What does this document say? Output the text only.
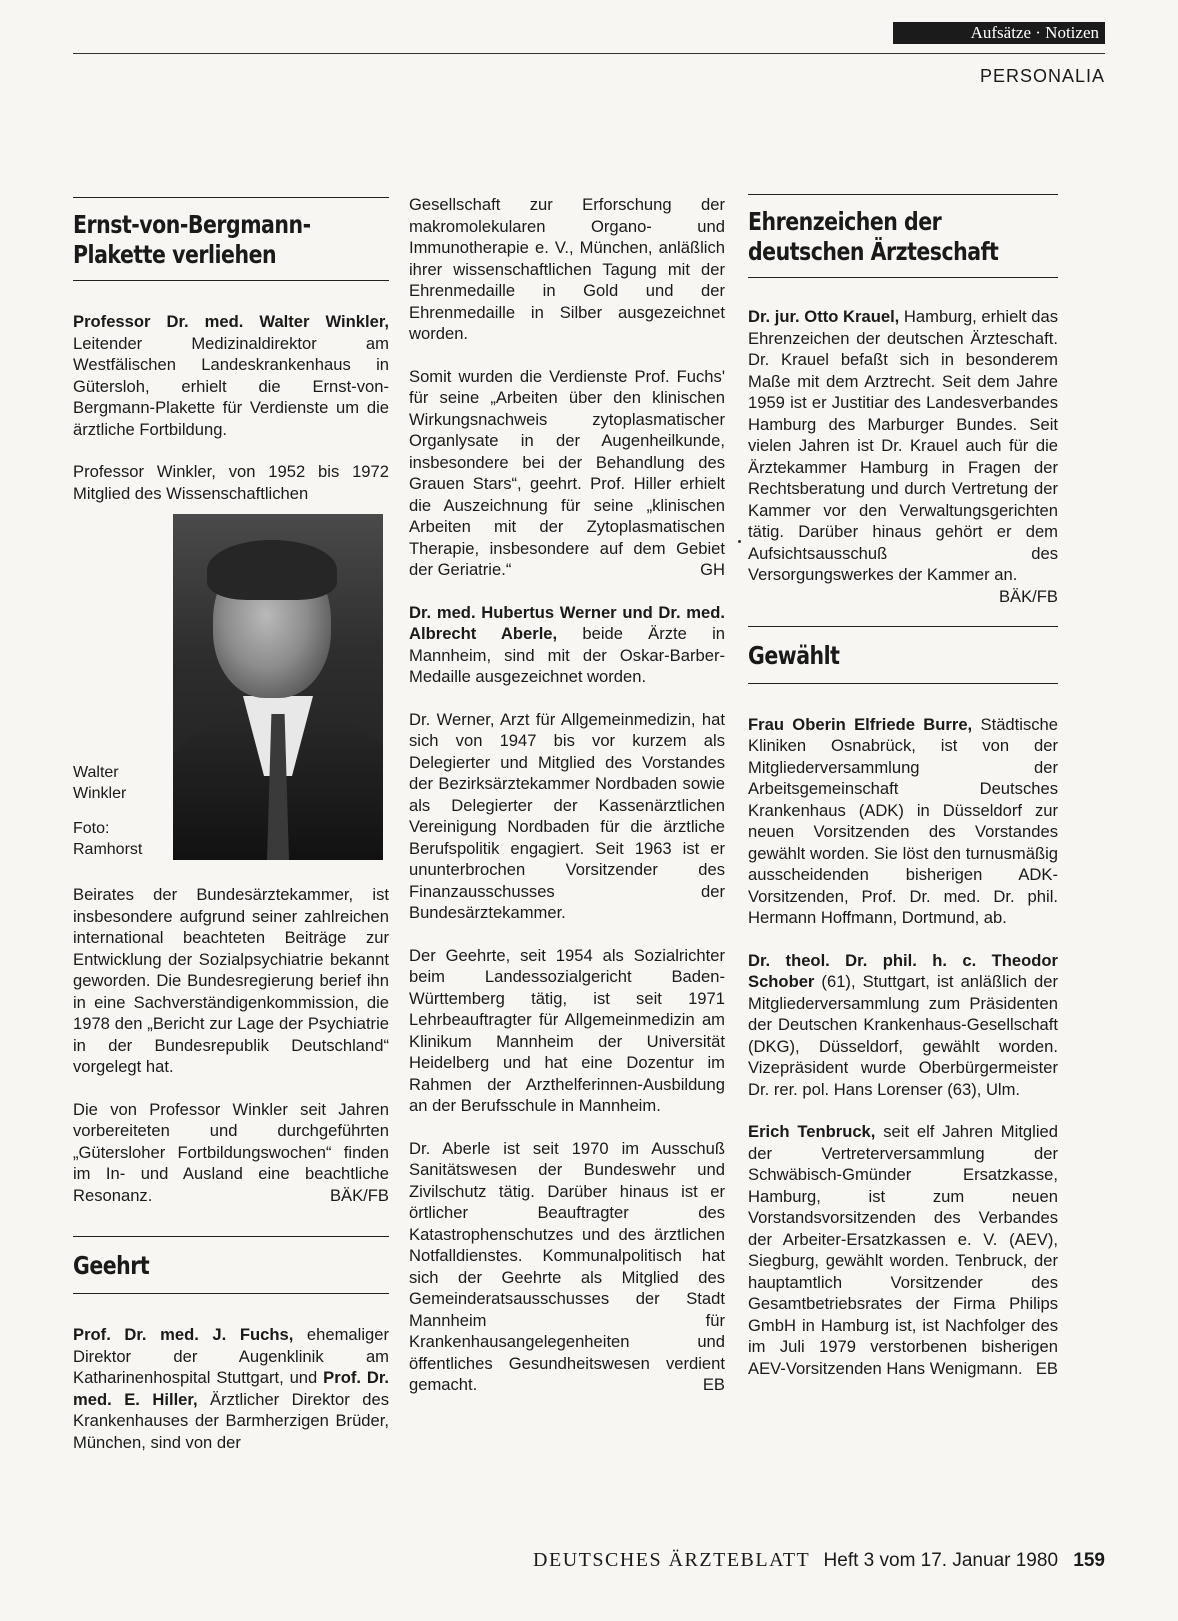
Aufsätze · Notizen
PERSONALIA
Ernst-von-Bergmann-Plakette verliehen

Professor Dr. med. Walter Winkler, Leitender Medizinaldirektor am Westfälischen Landeskrankenhaus in Gütersloh, erhielt die Ernst-von-Bergmann-Plakette für Verdienste um die ärztliche Fortbildung.

Professor Winkler, von 1952 bis 1972 Mitglied des Wissenschaftlichen

Walter Winkler
Foto: Ramhorst

Beirates der Bundesärztekammer, ist insbesondere aufgrund seiner zahlreichen international beachteten Beiträge zur Entwicklung der Sozialpsychiatrie bekannt geworden. Die Bundesregierung berief ihn in eine Sachverständigenkommission, die 1978 den „Bericht zur Lage der Psychiatrie in der Bundesrepublik Deutschland“ vorgelegt hat.

Die von Professor Winkler seit Jahren vorbereiteten und durchgeführten „Gütersloher Fortbildungswochen“ finden im In- und Ausland eine beachtliche Resonanz.	BÄK/FB

Geehrt

Prof. Dr. med. J. Fuchs, ehemaliger Direktor der Augenklinik am Katharinenhospital Stuttgart, und Prof. Dr. med. E. Hiller, Ärztlicher Direktor des Krankenhauses der Barmherzigen Brüder, München, sind von der

Gesellschaft zur Erforschung der makromolekularen Organo- und Immunotherapie e. V., München, anläßlich ihrer wissenschaftlichen Tagung mit der Ehrenmedaille in Gold und der Ehrenmedaille in Silber ausgezeichnet worden.

Somit wurden die Verdienste Prof. Fuchs' für seine „Arbeiten über den klinischen Wirkungsnachweis zytoplasmatischer Organlysate in der Augenheilkunde, insbesondere bei der Behandlung des Grauen Stars“, geehrt. Prof. Hiller erhielt die Auszeichnung für seine „klinischen Arbeiten mit der Zytoplasmatischen Therapie, insbesondere auf dem Gebiet der Geriatrie.“	GH

Dr. med. Hubertus Werner und Dr. med. Albrecht Aberle, beide Ärzte in Mannheim, sind mit der Oskar-Barber-Medaille ausgezeichnet worden.

Dr. Werner, Arzt für Allgemeinmedizin, hat sich von 1947 bis vor kurzem als Delegierter und Mitglied des Vorstandes der Bezirksärztekammer Nordbaden sowie als Delegierter der Kassenärztlichen Vereinigung Nordbaden für die ärztliche Berufspolitik engagiert. Seit 1963 ist er ununterbrochen Vorsitzender des Finanzausschusses der Bundesärztekammer.

Der Geehrte, seit 1954 als Sozialrichter beim Landessozialgericht Baden-Württemberg tätig, ist seit 1971 Lehrbeauftragter für Allgemeinmedizin am Klinikum Mannheim der Universität Heidelberg und hat eine Dozentur im Rahmen der Arzthelferinnen-Ausbildung an der Berufsschule in Mannheim.

Dr. Aberle ist seit 1970 im Ausschuß Sanitätswesen der Bundeswehr und Zivilschutz tätig. Darüber hinaus ist er örtlicher Beauftragter des Katastrophenschutzes und des ärztlichen Notfalldienstes. Kommunalpolitisch hat sich der Geehrte als Mitglied des Gemeinderatsausschusses der Stadt Mannheim für Krankenhausangelegenheiten und öffentliches Gesundheitswesen verdient gemacht.	EB

Ehrenzeichen der deutschen Ärzteschaft

Dr. jur. Otto Krauel, Hamburg, erhielt das Ehrenzeichen der deutschen Ärzteschaft. Dr. Krauel befaßt sich in besonderem Maße mit dem Arztrecht. Seit dem Jahre 1959 ist er Justitiar des Landesverbandes Hamburg des Marburger Bundes. Seit vielen Jahren ist Dr. Krauel auch für die Ärztekammer Hamburg in Fragen der Rechtsberatung und durch Vertretung der Kammer vor den Verwaltungsgerichten tätig. Darüber hinaus gehört er dem Aufsichtsausschuß des Versorgungswerkes der Kammer an.
BÄK/FB

Gewählt

Frau Oberin Elfriede Burre, Städtische Kliniken Osnabrück, ist von der Mitgliederversammlung der Arbeitsgemeinschaft Deutsches Krankenhaus (ADK) in Düsseldorf zur neuen Vorsitzenden des Vorstandes gewählt worden. Sie löst den turnusmäßig ausscheidenden bisherigen ADK-Vorsitzenden, Prof. Dr. med. Dr. phil. Hermann Hoffmann, Dortmund, ab.

Dr. theol. Dr. phil. h. c. Theodor Schober (61), Stuttgart, ist anläßlich der Mitgliederversammlung zum Präsidenten der Deutschen Krankenhaus-Gesellschaft (DKG), Düsseldorf, gewählt worden. Vizepräsident wurde Oberbürgermeister Dr. rer. pol. Hans Lorenser (63), Ulm.

Erich Tenbruck, seit elf Jahren Mitglied der Vertreterversammlung der Schwäbisch-Gmünder Ersatzkasse, Hamburg, ist zum neuen Vorstandsvorsitzenden des Verbandes der Arbeiter-Ersatzkassen e. V. (AEV), Siegburg, gewählt worden. Tenbruck, der hauptamtlich Vorsitzender des Gesamtbetriebsrates der Firma Philips GmbH in Hamburg ist, ist Nachfolger des im Juli 1979 verstorbenen bisherigen AEV-Vorsitzenden Hans Wenigmann. EB

DEUTSCHES ÄRZTEBLATT Heft 3 vom 17. Januar 1980 159
